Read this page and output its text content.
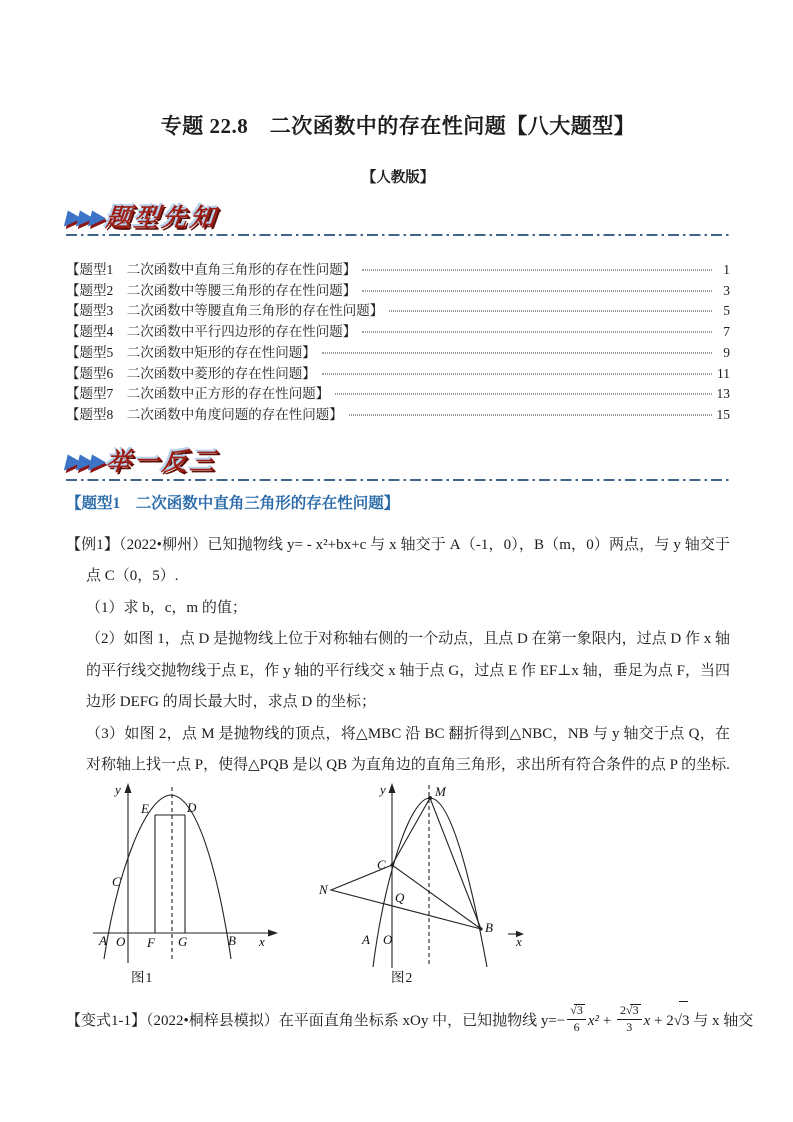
专题 22.8　二次函数中的存在性问题【八大题型】
【人教版】
▶▶▶ 题型先知
【题型1　二次函数中直角三角形的存在性问题】	1
【题型2　二次函数中等腰三角形的存在性问题】	3
【题型3　二次函数中等腰直角三角形的存在性问题】	5
【题型4　二次函数中平行四边形的存在性问题】	7
【题型5　二次函数中矩形的存在性问题】	9
【题型6　二次函数中菱形的存在性问题】	11
【题型7　二次函数中正方形的存在性问题】	13
【题型8　二次函数中角度问题的存在性问题】	15
▶▶▶ 举一反三
【题型1　二次函数中直角三角形的存在性问题】

【例1】（2022•柳州）已知抛物线 y= - x²+bx+c 与 x 轴交于 A（-1，0），B（m，0）两点，与 y 轴交于点 C（0，5）.

（1）求 b，c，m 的值；

（2）如图 1，点 D 是抛物线上位于对称轴右侧的一个动点，且点 D 在第一象限内，过点 D 作 x 轴的平行线交抛物线于点 E，作 y 轴的平行线交 x 轴于点 G，过点 E 作 EF⊥x 轴，垂足为点 F，当四边形 DEFG 的周长最大时，求点 D 的坐标；

（3）如图 2，点 M 是抛物线的顶点，将△MBC 沿 BC 翻折得到△NBC，NB 与 y 轴交于点 Q，在对称轴上找一点 P，使得△PQB 是以 QB 为直角边的直角三角形，求出所有符合条件的点 P 的坐标.

y
x
E	D
C
A O F G	B
图1
y	M
C
N
Q
A O
B
x
图2

【变式1-1】（2022•桐梓县模拟）在平面直角坐标系 xOy 中，已知抛物线 $y=- \frac{√3}{6} x^2 + \frac{2√3}{3}$ x + 2√3 与 x 轴交
